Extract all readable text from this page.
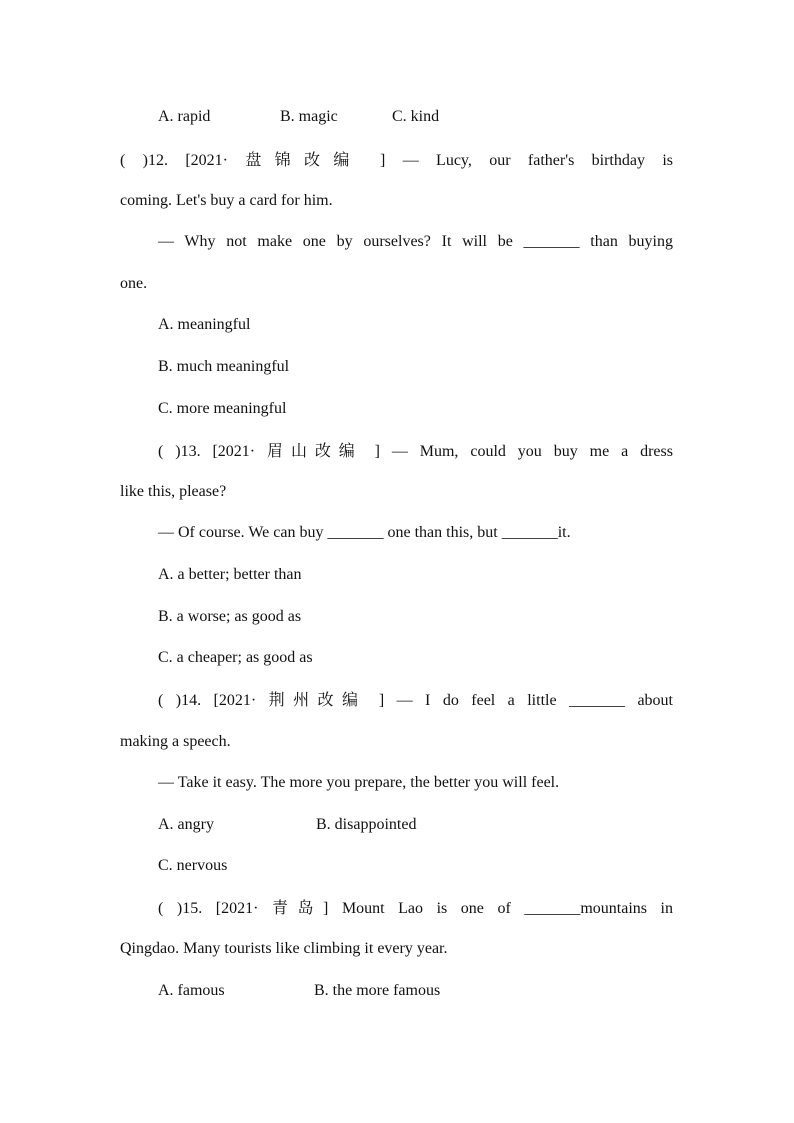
A. rapid	B. magic	C. kind
( )12. [2021· 盘锦改编 ] — Lucy, our father's birthday is
coming. Let's buy a card for him.
— Why not make one by ourselves? It will be _______ than buying
one.
A. meaningful
B. much meaningful
C. more meaningful
( )13. [2021· 眉山改编 ] — Mum, could you buy me a dress
like this, please?
— Of course. We can buy _______ one than this, but _______it.
A. a better; better than
B. a worse; as good as
C. a cheaper; as good as
( )14. [2021· 荆州改编 ] — I do feel a little _______ about
making a speech.
— Take it easy. The more you prepare, the better you will feel.
A. angry	B. disappointed
C. nervous
( )15. [2021· 青岛] Mount Lao is one of _______mountains in
Qingdao. Many tourists like climbing it every year.
A. famous	B. the more famous
